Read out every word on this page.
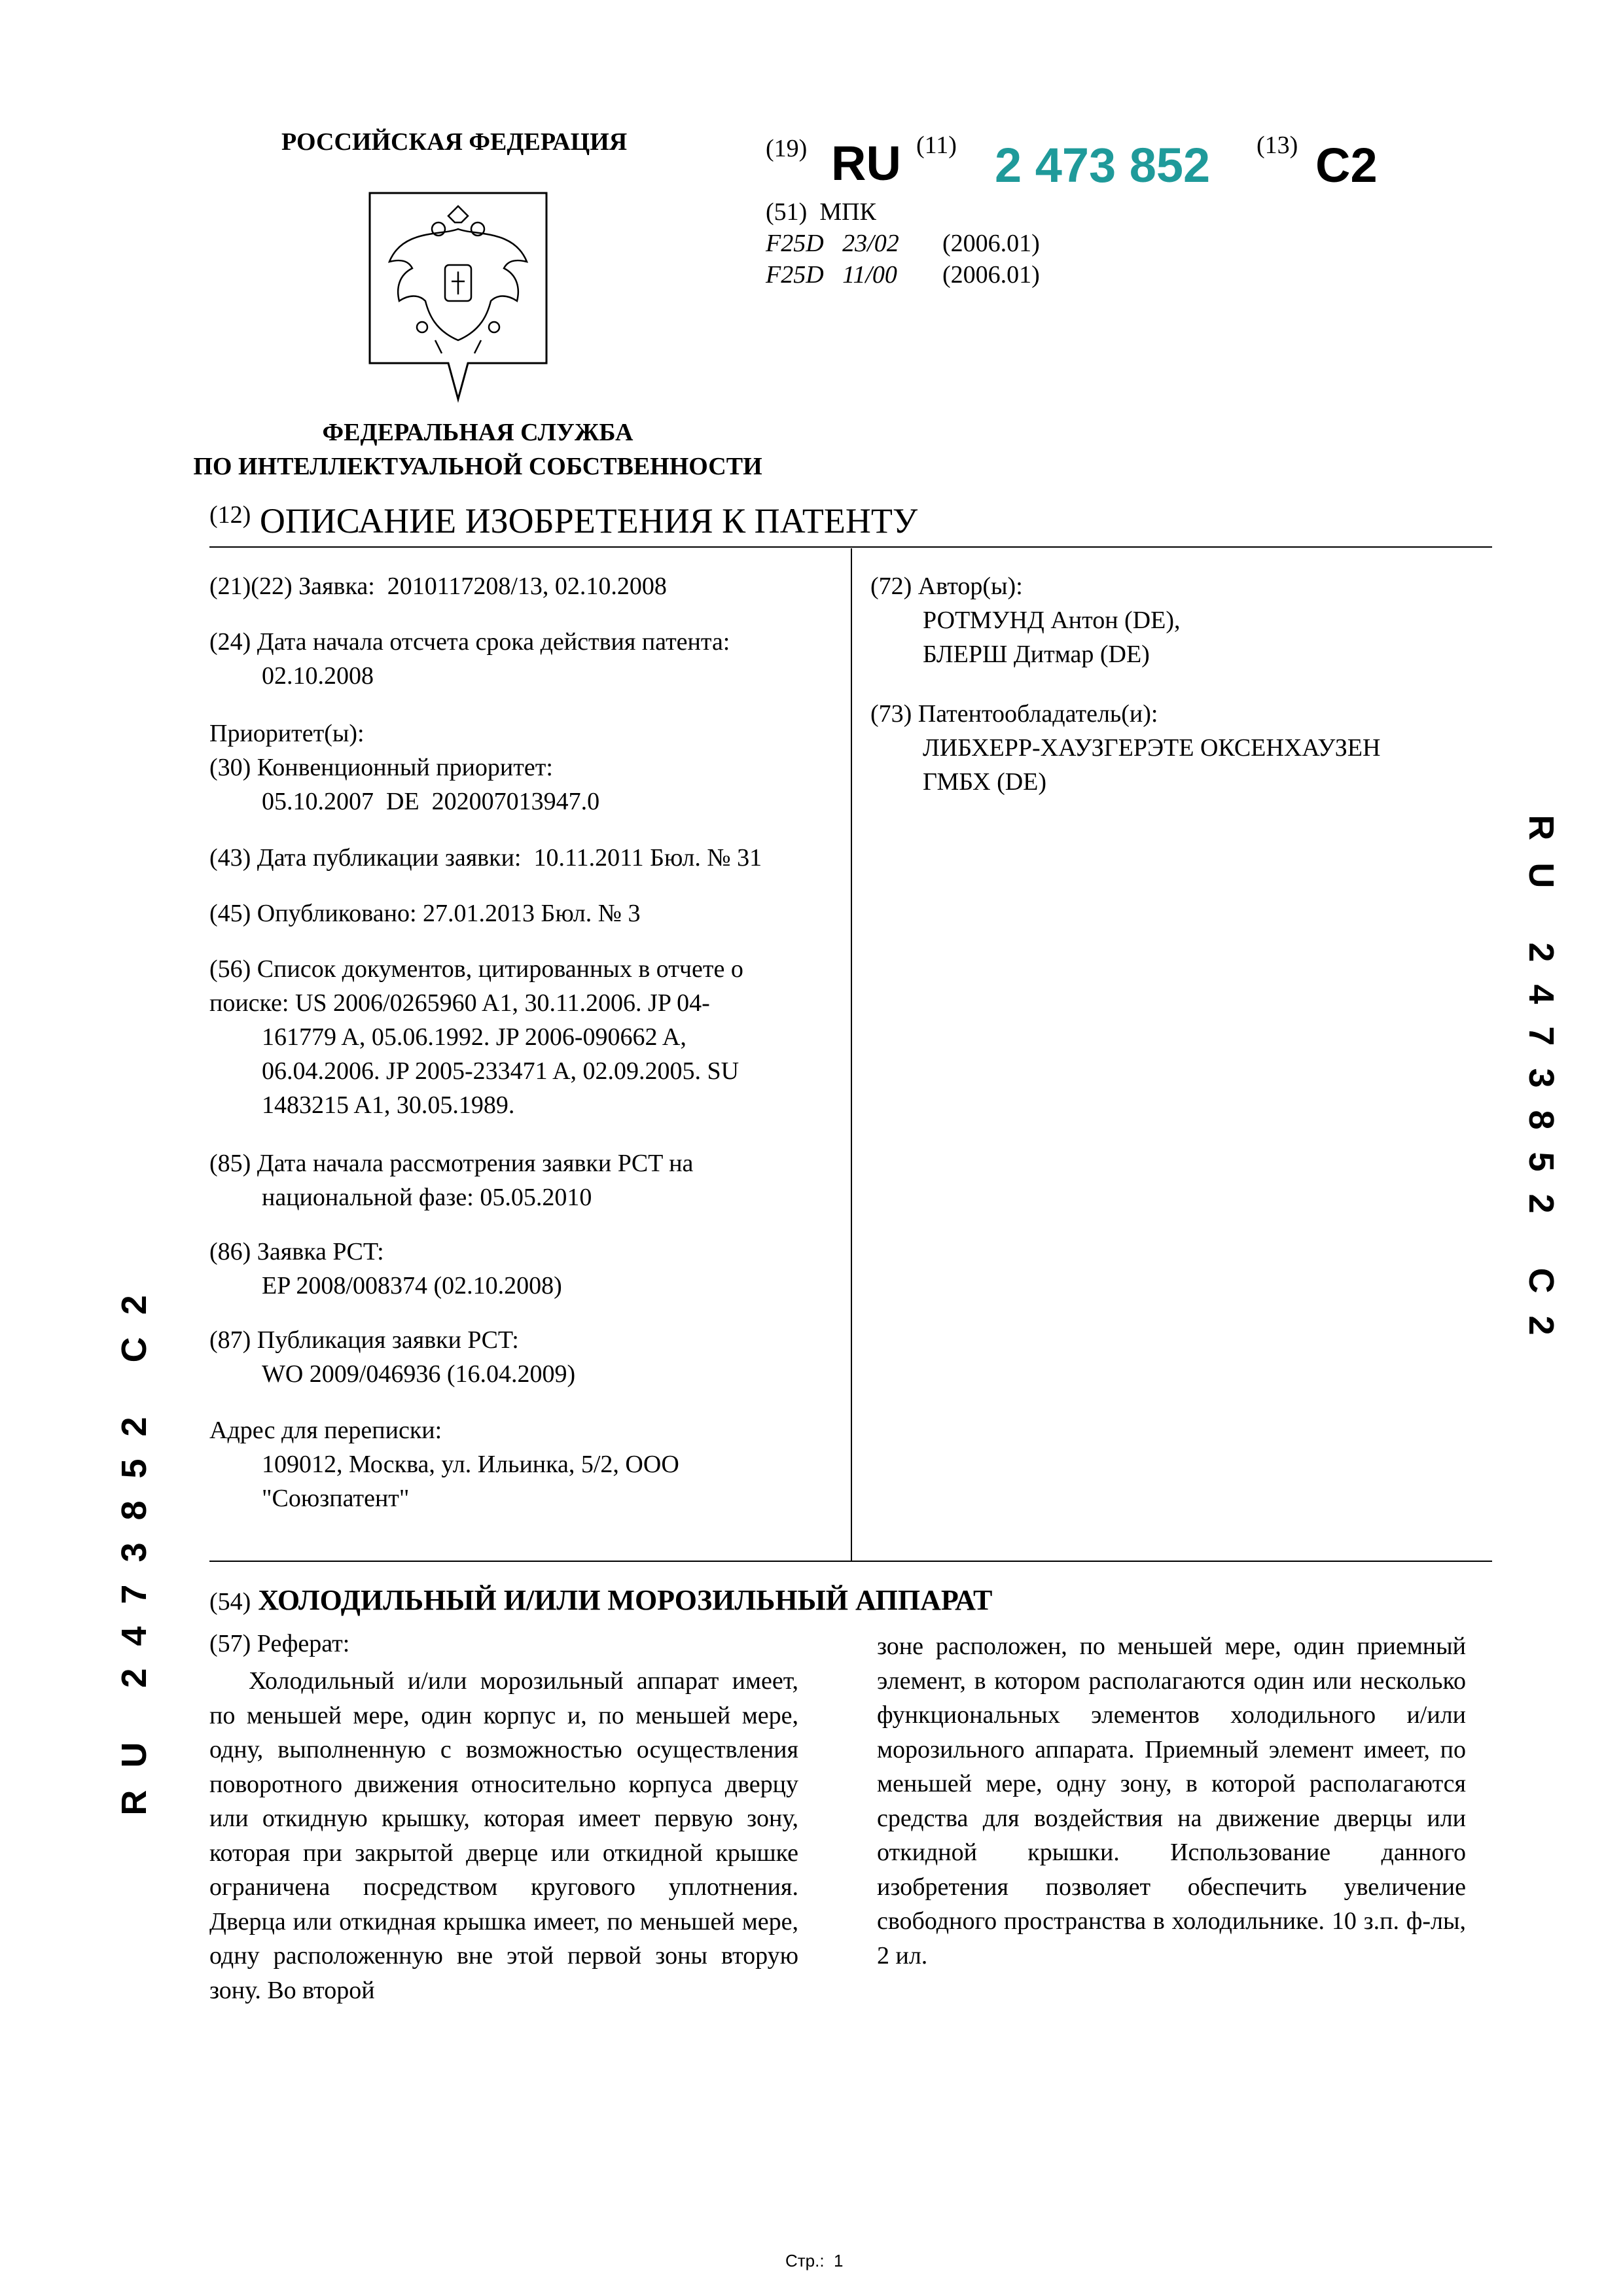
РОССИЙСКАЯ ФЕДЕРАЦИЯ
ФЕДЕРАЛЬНАЯ СЛУЖБА
ПО ИНТЕЛЛЕКТУАЛЬНОЙ СОБСТВЕННОСТИ
(19) RU (11) 2 473 852 (13) C2
(51) МПК
F25D   23/02	(2006.01)
F25D   11/00	(2006.01)
$^{(12)}$ ОПИСАНИЕ ИЗОБРЕТЕНИЯ К ПАТЕНТУ
(21)(22) Заявка: 2010117208/13, 02.10.2008
(24) Дата начала отсчета срока действия патента:
02.10.2008
Приоритет(ы):
(30) Конвенционный приоритет:
05.10.2007  DE  202007013947.0
(43) Дата публикации заявки: 10.11.2011 Бюл. № 31
(45) Опубликовано: 27.01.2013 Бюл. № 3
(56) Список документов, цитированных в отчете о
поиске: US 2006/0265960 A1, 30.11.2006. JP 04-
161779 A, 05.06.1992. JP 2006-090662 A,
06.04.2006. JP 2005-233471 A, 02.09.2005. SU
1483215 A1, 30.05.1989.
(85) Дата начала рассмотрения заявки PCT на
национальной фазе: 05.05.2010
(86) Заявка PCT:
EP 2008/008374 (02.10.2008)
(87) Публикация заявки PCT:
WO 2009/046936 (16.04.2009)
Адрес для переписки:
109012, Москва, ул. Ильинка, 5/2, ООО
"Союзпатент"
(72) Автор(ы):
РОТМУНД Антон (DE),
БЛЕРШ Дитмар (DE)
(73) Патентообладатель(и):
ЛИБХЕРР-ХАУЗГЕРЭТЕ ОКСЕНХАУЗЕН
ГМБХ (DE)
RU 2473852 C2
RU 2473852 C2
(54) ХОЛОДИЛЬНЫЙ И/ИЛИ МОРОЗИЛЬНЫЙ АППАРАТ
(57) Реферат:
Холодильный и/или морозильный аппарат имеет, по меньшей мере, один корпус и, по меньшей мере, одну, выполненную с возможностью осуществления поворотного движения относительно корпуса дверцу или откидную крышку, которая имеет первую зону, которая при закрытой дверце или откидной крышке ограничена посредством кругового уплотнения. Дверца или откидная крышка имеет, по меньшей мере, одну расположенную вне этой первой зоны вторую зону. Во второй
зоне расположен, по меньшей мере, один приемный элемент, в котором располагаются один или несколько функциональных элементов холодильного и/или морозильного аппарата. Приемный элемент имеет, по меньшей мере, одну зону, в которой располагаются средства для воздействия на движение дверцы или откидной крышки. Использование данного изобретения позволяет обеспечить увеличение свободного пространства в холодильнике. 10 з.п. ф-лы, 2 ил.
Стр.:  1
